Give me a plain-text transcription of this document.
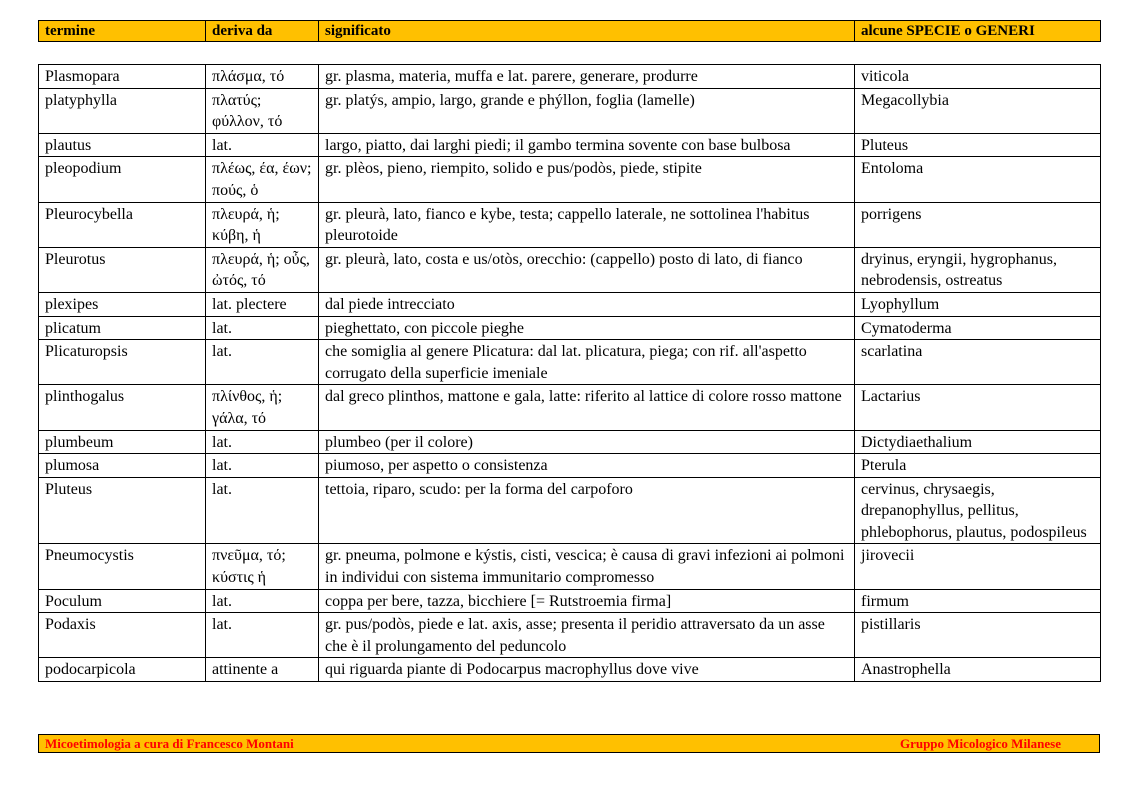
termine	deriva da	significato	alcune SPECIE o GENERI
Plasmopara	πλάσμα, τό	gr. plasma, materia, muffa e lat. parere, generare, produrre	viticola
platyphylla	πλατύς; φύλλον, τό	gr. platýs, ampio, largo, grande e phýllon, foglia (lamelle)	Megacollybia
plautus	lat.	largo, piatto, dai larghi piedi; il gambo termina sovente con base bulbosa	Pluteus
pleopodium	πλέως, έα, έων; πούς, ὁ	gr. plèos, pieno, riempito, solido e pus/podòs, piede, stipite	Entoloma
Pleurocybella	πλευρά, ἡ; κύβη, ἡ	gr. pleurà, lato, fianco e kybe, testa; cappello laterale, ne sottolinea l'habitus pleurotoide	porrigens
Pleurotus	πλευρά, ἡ; οὖς, ὠτός, τό	gr. pleurà, lato, costa e us/otòs, orecchio: (cappello) posto di lato, di fianco	dryinus, eryngii, hygrophanus, nebrodensis, ostreatus
plexipes	lat. plectere	dal piede intrecciato	Lyophyllum
plicatum	lat.	pieghettato, con piccole pieghe	Cymatoderma
Plicaturopsis	lat.	che somiglia al genere Plicatura: dal lat. plicatura, piega; con rif. all'aspetto corrugato della superficie imeniale	scarlatina
plinthogalus	πλίνθος, ἡ; γάλα, τό	dal greco plinthos, mattone e gala, latte: riferito al lattice di colore rosso mattone	Lactarius
plumbeum	lat.	plumbeo (per il colore)	Dictydiaethalium
plumosa	lat.	piumoso, per aspetto o consistenza	Pterula
Pluteus	lat.	tettoia, riparo, scudo: per la forma del carpoforo	cervinus, chrysaegis, drepanophyllus, pellitus, phlebophorus, plautus, podospileus
Pneumocystis	πνεῦμα, τό; κύστις ἡ	gr. pneuma, polmone e kýstis, cisti, vescica; è causa di gravi infezioni ai polmoni in individui con sistema immunitario compromesso	jirovecii
Poculum	lat.	coppa per bere, tazza, bicchiere [= Rutstroemia firma]	firmum
Podaxis	lat.	gr. pus/podòs, piede e lat. axis, asse; presenta il peridio attraversato da un asse che è il prolungamento del peduncolo	pistillaris
podocarpicola	attinente a	qui riguarda piante di Podocarpus macrophyllus dove vive	Anastrophella
Micoetimologia a cura di Francesco Montani	Gruppo Micologico Milanese
